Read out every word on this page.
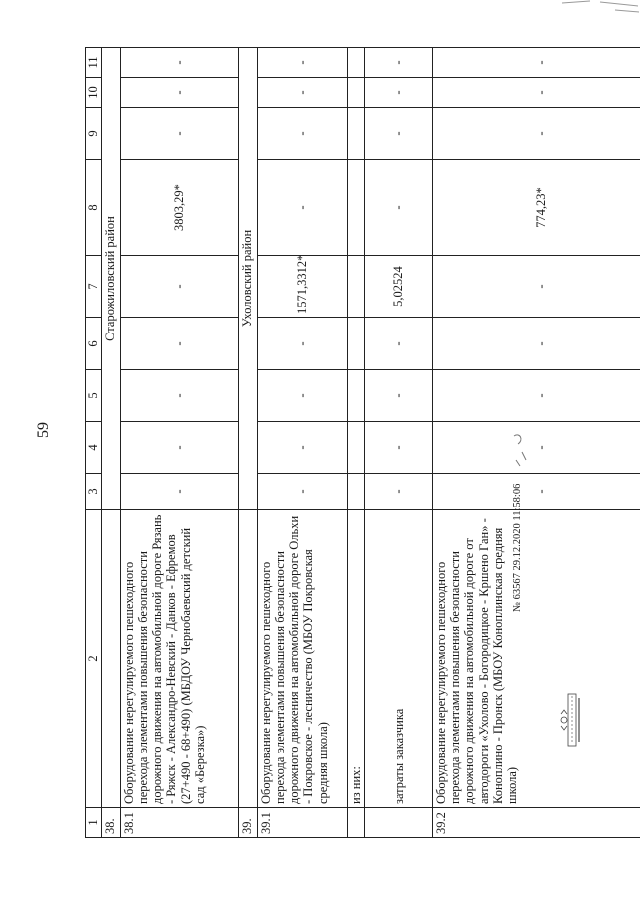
59
1	2	3	4	5	6	7	8	9	10	11
38.		Старожиловский район								
38.1	Оборудование нерегулируемого пешеходного перехода элементами повышения безопасности дорожного движения на автомобильной дороге Рязань - Ряжск - Александро-Невский - Данков - Ефремов (27+490 - 68+490) (МБДОУ Чернобаевский детский сад «Березка»)	-	-	-	-	-	3803,29*	-	-	-
39.		Ухоловский район								
39.1	Оборудование нерегулируемого пешеходного перехода элементами повышения безопасности дорожного движения на автомобильной дороге Ольхи - Покровское - лесничество (МБОУ Покровская средняя школа)	-	-	-	-	1571,3312*	-	-	-	-
	из них:									
	затраты заказчика	-	-	-	-	5,02524	-	-	-	-
39.2	Оборудование нерегулируемого пешеходного перехода элементами повышения безопасности дорожного движения на автомобильной дороге от автодороги «Ухолово - Богородицкое - Кршено Ган» - Коноплино - Пронск (МБОУ Коноплинская средняя школа)	-	-	-	-	-	774,23*	-	-	-
№ 63567 29.12.2020 11:58:06
